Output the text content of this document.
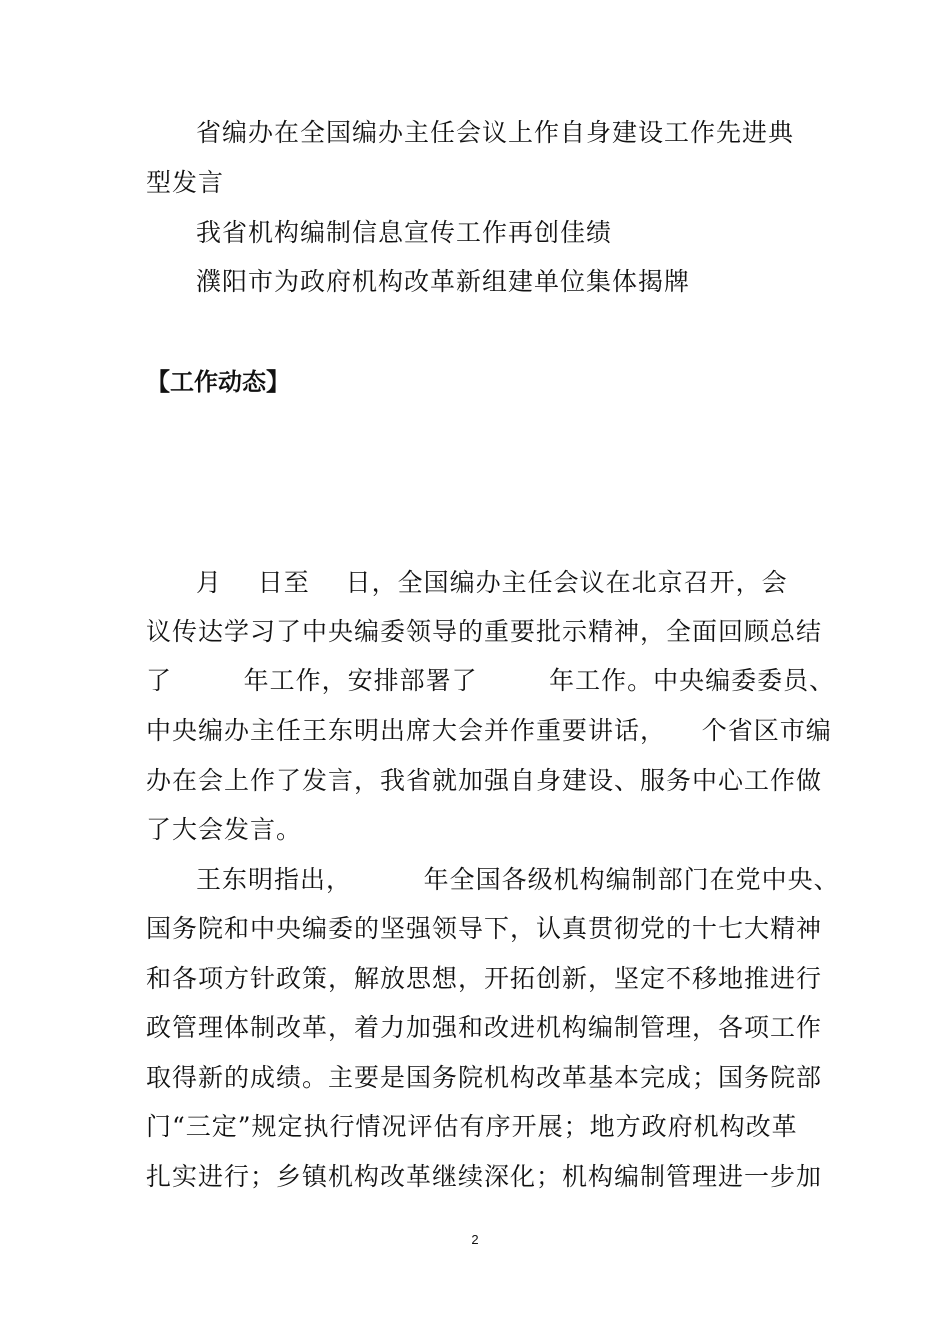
省编办在全国编办主任会议上作自身建设工作先进典
型发言
我省机构编制信息宣传工作再创佳绩
濮阳市为政府机构改革新组建单位集体揭牌
【工作动态】
月    日至    日，全国编办主任会议在北京召开，会
议传达学习了中央编委领导的重要批示精神，全面回顾总结
了        年工作，安排部署了        年工作。中央编委委员、
中央编办主任王东明出席大会并作重要讲话，    个省区市编
办在会上作了发言，我省就加强自身建设、服务中心工作做
了大会发言。
王东明指出，        年全国各级机构编制部门在党中央、
国务院和中央编委的坚强领导下，认真贯彻党的十七大精神
和各项方针政策，解放思想，开拓创新，坚定不移地推进行
政管理体制改革，着力加强和改进机构编制管理，各项工作
取得新的成绩。主要是国务院机构改革基本完成；国务院部
门“三定”规定执行情况评估有序开展；地方政府机构改革
扎实进行；乡镇机构改革继续深化；机构编制管理进一步加
2
